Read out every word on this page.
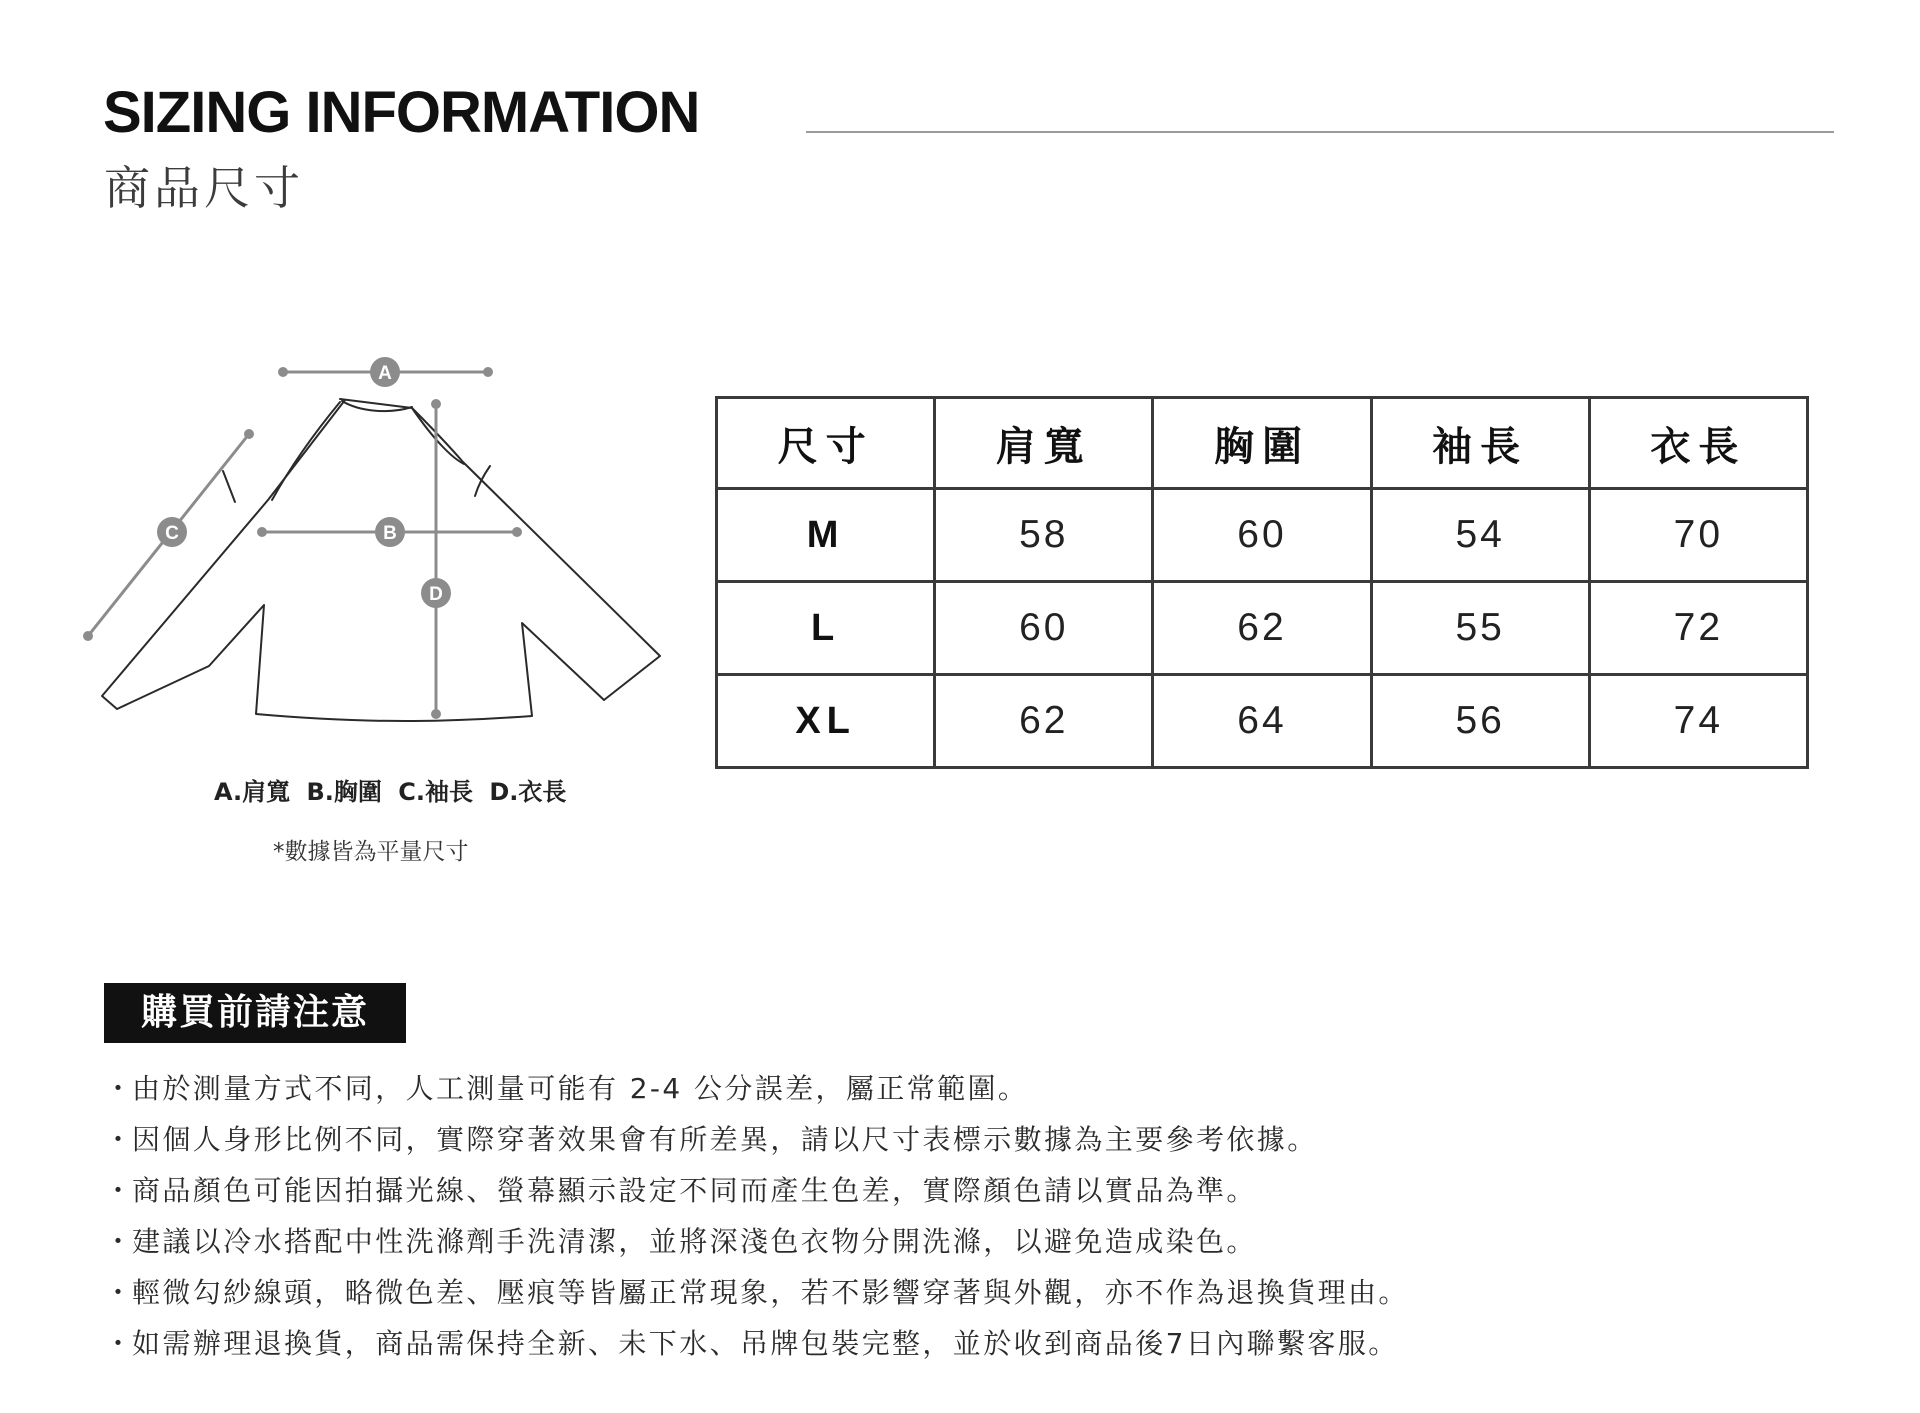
SIZING INFORMATION
商品尺寸
A
B
C
D
A.肩寬 B.胸圍 C.袖長 D.衣長
*數據皆為平量尺寸
尺寸	肩寬	胸圍	袖長	衣長
M	58	60	54	70
L	60	62	55	72
XL	62	64	56	74
購買前請注意
・
由於測量方式不同，人工測量可能有 2-4 公分誤差，屬正常範圍。
・
因個人身形比例不同，實際穿著效果會有所差異，請以尺寸表標示數據為主要參考依據。
・
商品顏色可能因拍攝光線、螢幕顯示設定不同而產生色差，實際顏色請以實品為準。
・
建議以冷水搭配中性洗滌劑手洗清潔，並將深淺色衣物分開洗滌，以避免造成染色。
・
輕微勾紗線頭，略微色差、壓痕等皆屬正常現象，若不影響穿著與外觀，亦不作為退換貨理由。
・
如需辦理退換貨，商品需保持全新、未下水、吊牌包裝完整，並於收到商品後7日內聯繫客服。
